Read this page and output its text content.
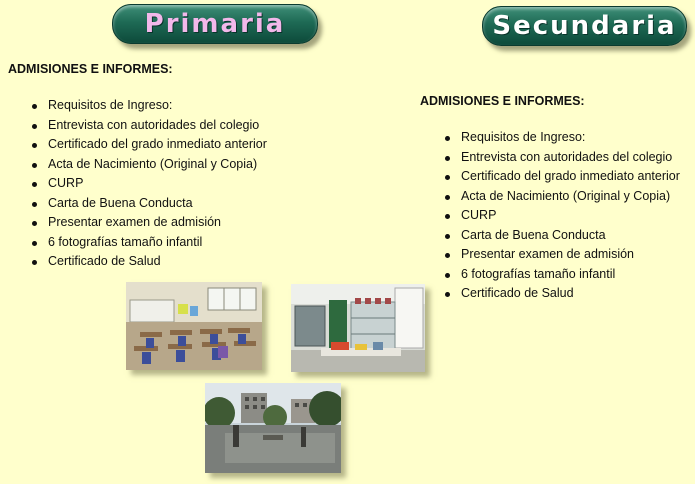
Primaria	Secundaria
ADMISIONES E INFORMES:
Requisitos de Ingreso:
Entrevista con autoridades del colegio
Certificado del grado inmediato anterior
Acta de Nacimiento (Original y Copia)
CURP
Carta de Buena Conducta
Presentar examen de admisión
6 fotografías tamaño infantil
Certificado de Salud
ADMISIONES E INFORMES:
Requisitos de Ingreso:
Entrevista con autoridades del colegio
Certificado del grado inmediato anterior
Acta de Nacimiento (Original y Copia)
CURP
Carta de Buena Conducta
Presentar examen de admisión
6 fotografías tamaño infantil
Certificado de Salud
